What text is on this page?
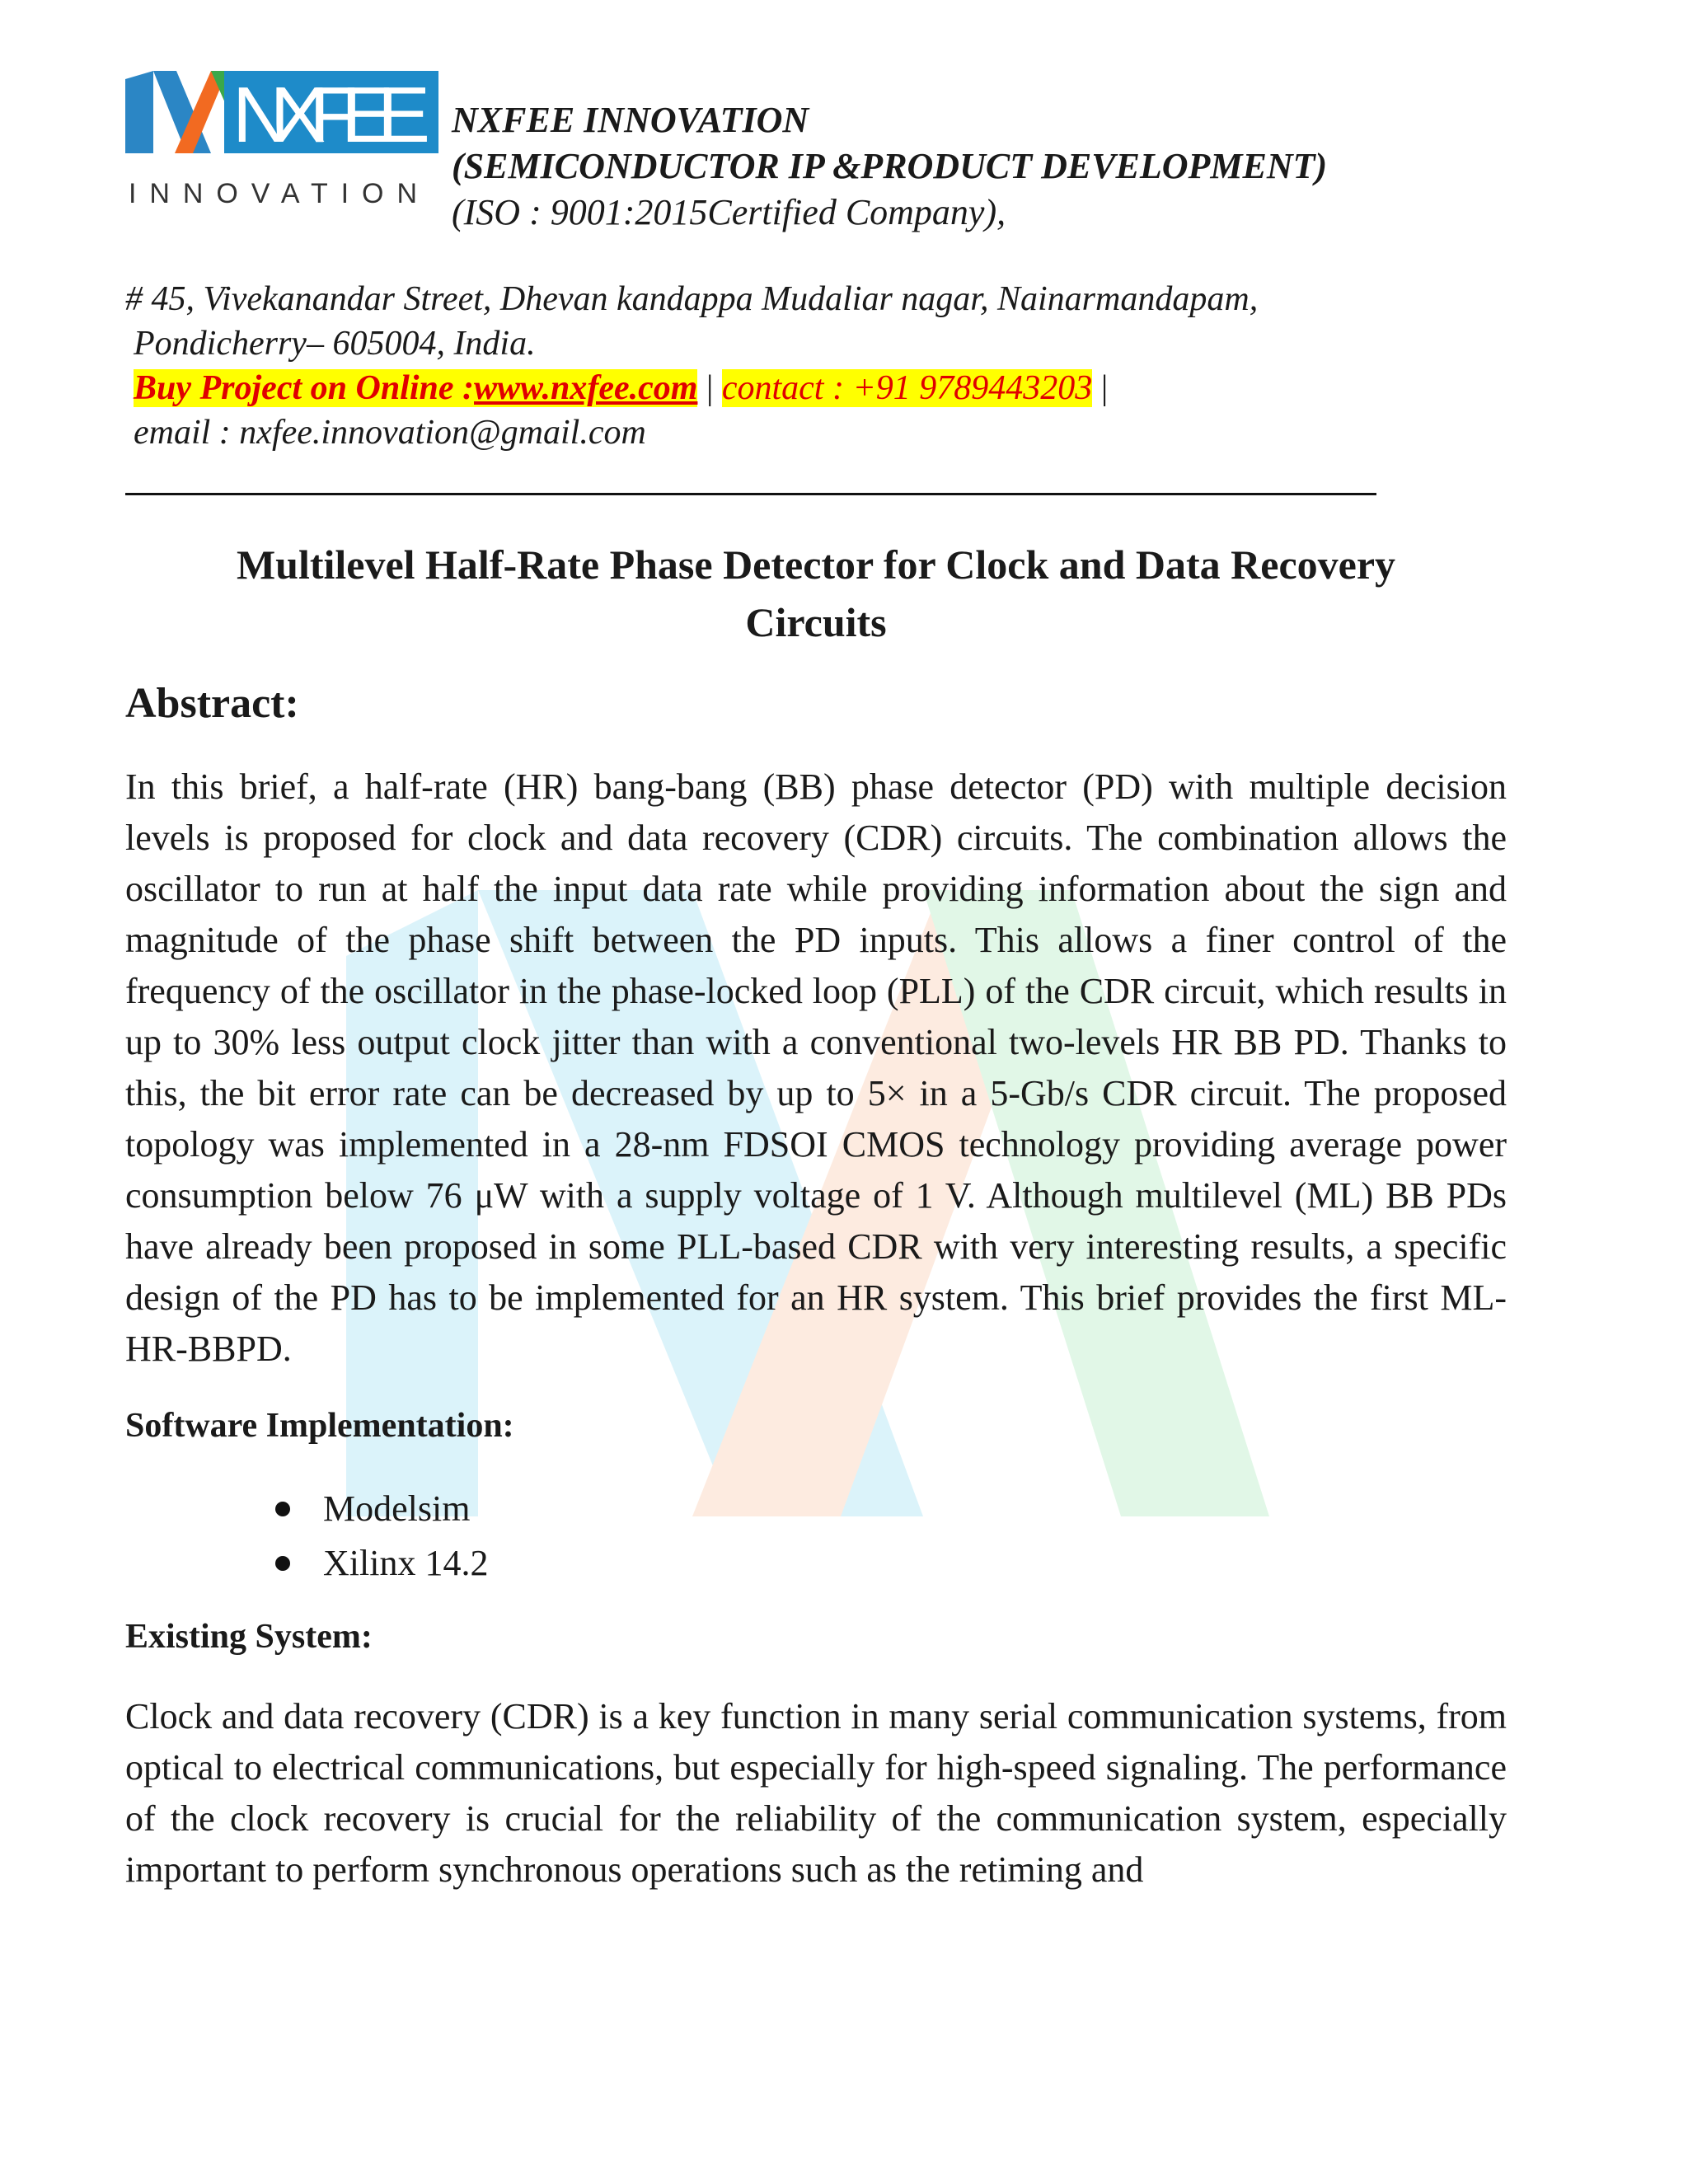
NXFEE
INNOVATION
NXFEE INNOVATION
(SEMICONDUCTOR IP &PRODUCT DEVELOPMENT)
(ISO : 9001:2015Certified Company),
# 45, Vivekanandar Street, Dhevan kandappa Mudaliar nagar, Nainarmandapam,
Pondicherry– 605004, India.
Buy Project on Online :www.nxfee.com | contact : +91 9789443203 |
email : nxfee.innovation@gmail.com
Multilevel Half-Rate Phase Detector for Clock and Data Recovery
Circuits
Abstract:

In this brief, a half-rate (HR) bang-bang (BB) phase detector (PD) with multiple decision levels is proposed for clock and data recovery (CDR) circuits. The combination allows the oscillator to run at half the input data rate while providing information about the sign and magnitude of the phase shift between the PD inputs. This allows a finer control of the frequency of the oscillator in the phase-locked loop (PLL) of the CDR circuit, which results in up to 30% less output clock jitter than with a conventional two-levels HR BB PD. Thanks to this, the bit error rate can be decreased by up to 5× in a 5-Gb/s CDR circuit. The proposed topology was implemented in a 28-nm FDSOI CMOS technology providing average power consumption below 76 μW with a supply voltage of 1 V. Although multilevel (ML) BB PDs have already been proposed in some PLL-based CDR with very interesting results, a specific design of the PD has to be implemented for an HR system. This brief provides the first ML-HR-BBPD.

Software Implementation:
Modelsim
Xilinx 14.2
Existing System:

Clock and data recovery (CDR) is a key function in many serial communication systems, from optical to electrical communications, but especially for high-speed signaling. The performance of the clock recovery is crucial for the reliability of the communication system, especially important to perform synchronous operations such as the retiming and
